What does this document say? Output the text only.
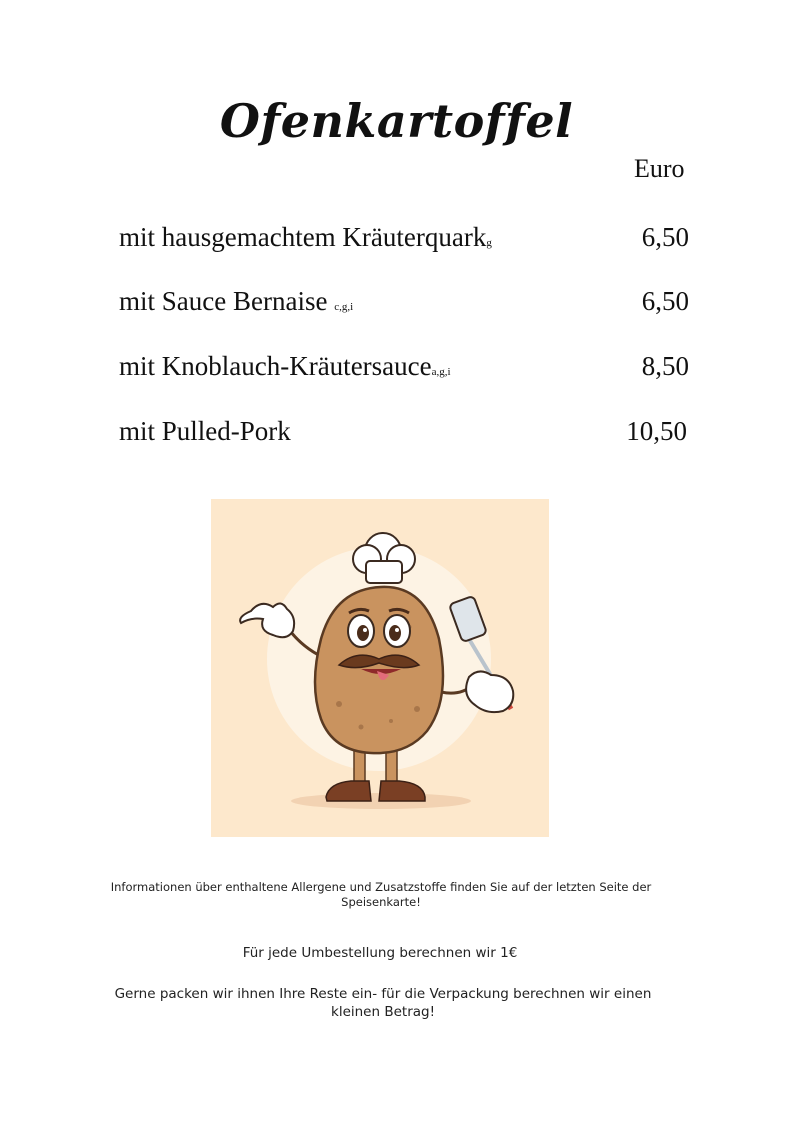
Ofenkartoffel
Euro
mit hausgemachtem Kräuterquarkg	6,50
mit Sauce Bernaise c,g,i	6,50
mit Knoblauch-Kräutersaucea,g,i	8,50
mit Pulled-Pork	10,50

Informationen über enthaltene Allergene und Zusatzstoffe finden Sie auf der letzten Seite der Speisenkarte!

Für jede Umbestellung berechnen wir 1€

Gerne packen wir ihnen Ihre Reste ein- für die Verpackung berechnen wir einen kleinen Betrag!
